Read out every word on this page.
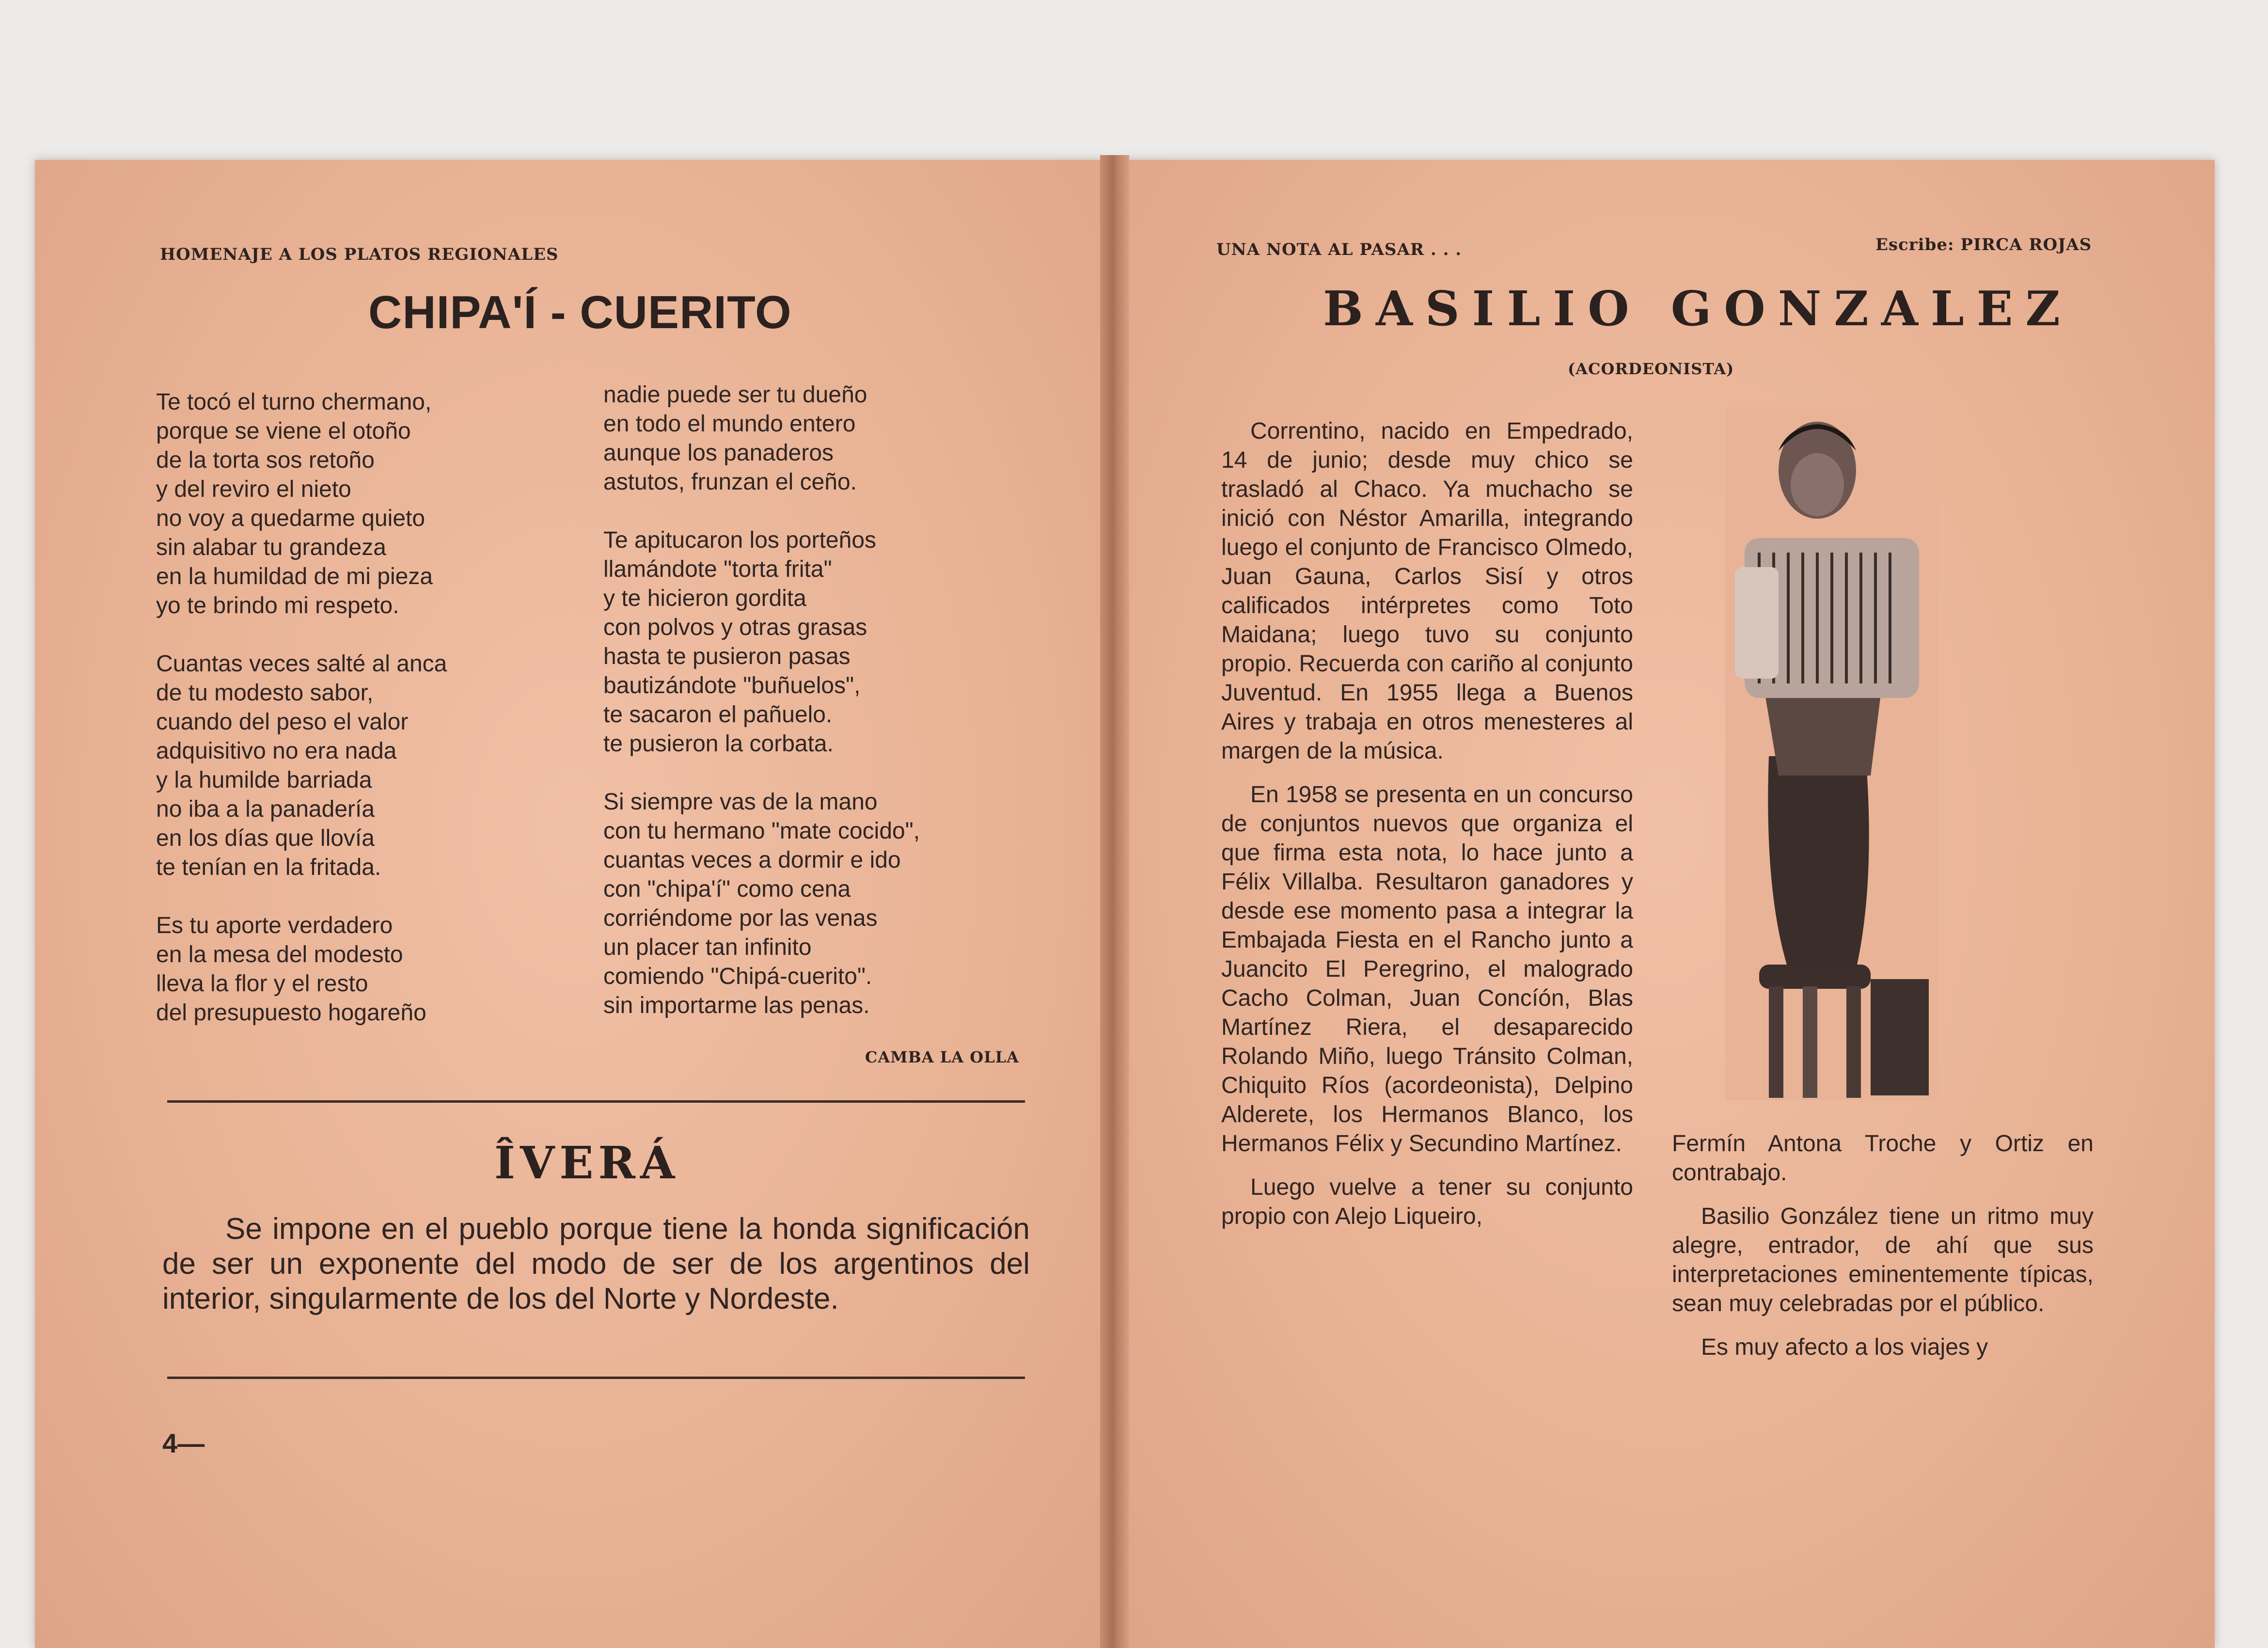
HOMENAJE A LOS PLATOS REGIONALES
CHIPA'Í - CUERITO
Te tocó el turno chermano,
porque se viene el otoño
de la torta sos retoño
y del reviro el nieto
no voy a quedarme quieto
sin alabar tu grandeza
en la humildad de mi pieza
yo te brindo mi respeto.
Cuantas veces salté al anca
de tu modesto sabor,
cuando del peso el valor
adquisitivo no era nada
y la humilde barriada
no iba a la panadería
en los días que llovía
te tenían en la fritada.
Es tu aporte verdadero
en la mesa del modesto
lleva la flor y el resto
del presupuesto hogareño
nadie puede ser tu dueño
en todo el mundo entero
aunque los panaderos
astutos, frunzan el ceño.
Te apitucaron los porteños
llamándote "torta frita"
y te hicieron gordita
con polvos y otras grasas
hasta te pusieron pasas
bautizándote "buñuelos",
te sacaron el pañuelo.
te pusieron la corbata.
Si siempre vas de la mano
con tu hermano "mate cocido",
cuantas veces a dormir e ido
con "chipa'í" como cena
corriéndome por las venas
un placer tan infinito
comiendo "Chipá-cuerito".
sin importarme las penas.
CAMBA LA OLLA
ÎVERÁ
Se impone en el pueblo porque tiene la honda significación de ser un exponente del modo de ser de los argentinos del interior, singularmente de los del Norte y Nordeste.
4—
UNA NOTA AL PASAR . . .	Escribe: PIRCA ROJAS
BASILIO GONZALEZ
(ACORDEONISTA)

Correntino, nacido en Empedrado, 14 de junio; desde muy chico se trasladó al Chaco. Ya muchacho se inició con Néstor Amarilla, integrando luego el conjunto de Francisco Olmedo, Juan Gauna, Carlos Sisí y otros calificados intérpretes como Toto Maidana; luego tuvo su conjunto propio. Recuerda con cariño al conjunto Juventud. En 1955 llega a Buenos Aires y trabaja en otros menesteres al margen de la música.

En 1958 se presenta en un concurso de conjuntos nuevos que organiza el que firma esta nota, lo hace junto a Félix Villalba. Resultaron ganadores y desde ese momento pasa a integrar la Embajada Fiesta en el Rancho junto a Juancito El Peregrino, el malogrado Cacho Colman, Juan Concíón, Blas Martínez Riera, el desaparecido Rolando Miño, luego Tránsito Colman, Chiquito Ríos (acordeonista), Delpino Alderete, los Hermanos Blanco, los Hermanos Félix y Secundino Martínez.

Luego vuelve a tener su conjunto propio con Alejo Liqueiro,

Fermín Antona Troche y Ortiz en contrabajo.

Basilio González tiene un ritmo muy alegre, entrador, de ahí que sus interpretaciones eminentemente típicas, sean muy celebradas por el público.

Es muy afecto a los viajes y
